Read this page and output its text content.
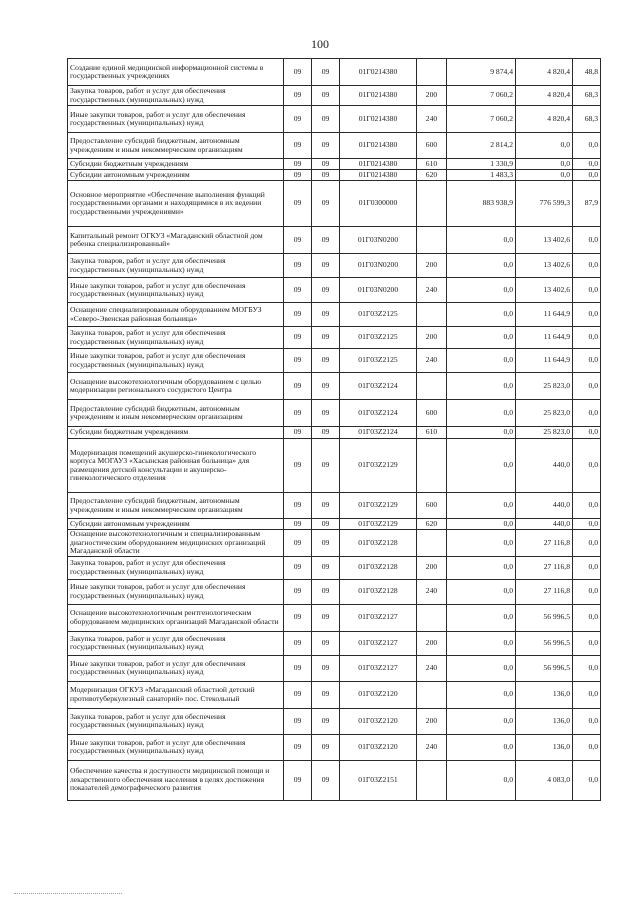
100
Создание единой медицинской информационной системы в государственных учреждениях	09	09	01Г0214380		9 874,4	4 820,4	48,8
Закупка товаров, работ и услуг для обеспечения государственных (муниципальных) нужд	09	09	01Г0214380	200	7 060,2	4 820,4	68,3
Иные закупки товаров, работ и услуг для обеспечения государственных (муниципальных) нужд	09	09	01Г0214380	240	7 060,2	4 820,4	68,3
Предоставление субсидий бюджетным, автономным учреждениям и иным некоммерческим организациям	09	09	01Г0214380	600	2 814,2	0,0	0,0
Субсидии бюджетным учреждениям	09	09	01Г0214380	610	1 330,9	0,0	0,0
Субсидии автономным учреждениям	09	09	01Г0214380	620	1 483,3	0,0	0,0
Основное мероприятие «Обеспечение выполнения функций государственными органами и находящимися в их ведении государственными учреждениями»	09	09	01Г0300000		883 938,9	776 599,3	87,9
Капитальный ремонт ОГКУЗ «Магаданский областной дом ребенка специализированный»	09	09	01Г03N0200		0,0	13 402,6	0,0
Закупка товаров, работ и услуг для обеспечения государственных (муниципальных) нужд	09	09	01Г03N0200	200	0,0	13 402,6	0,0
Иные закупки товаров, работ и услуг для обеспечения государственных (муниципальных) нужд	09	09	01Г03N0200	240	0,0	13 402,6	0,0
Оснащение специализированным оборудованием МОГБУЗ «Северо-Эвенская районная больница»	09	09	01Г03Z2125		0,0	11 644,9	0,0
Закупка товаров, работ и услуг для обеспечения государственных (муниципальных) нужд	09	09	01Г03Z2125	200	0,0	11 644,9	0,0
Иные закупки товаров, работ и услуг для обеспечения государственных (муниципальных) нужд	09	09	01Г03Z2125	240	0,0	11 644,9	0,0
Оснащение высокотехнологичным оборудованием с целью модернизации регионального сосудистого Центра	09	09	01Г03Z2124		0,0	25 823,0	0,0
Предоставление субсидий бюджетным, автономным учреждениям и иным некоммерческим организациям	09	09	01Г03Z2124	600	0,0	25 823,0	0,0
Субсидии бюджетным учреждениям	09	09	01Г03Z2124	610	0,0	25 823,0	0,0
Модернизация помещений акушерско-гинекологического корпуса МОГАУЗ «Хасынская районная больница» для размещения детской консультации и акушерско-гинекологического отделения	09	09	01Г03Z2129		0,0	440,0	0,0
Предоставление субсидий бюджетным, автономным учреждениям и иным некоммерческим организациям	09	09	01Г03Z2129	600	0,0	440,0	0,0
Субсидии автономным учреждениям	09	09	01Г03Z2129	620	0,0	440,0	0,0
Оснащение высокотехнологичным и специализированным диагностическим оборудованием медицинских организаций Магаданской области	09	09	01Г03Z2128		0,0	27 116,8	0,0
Закупка товаров, работ и услуг для обеспечения государственных (муниципальных) нужд	09	09	01Г03Z2128	200	0,0	27 116,8	0,0
Иные закупки товаров, работ и услуг для обеспечения государственных (муниципальных) нужд	09	09	01Г03Z2128	240	0,0	27 116,8	0,0
Оснащение высокотехнологичным рентгенологическим оборудованием медицинских организаций Магаданской области	09	09	01Г03Z2127		0,0	56 996,5	0,0
Закупка товаров, работ и услуг для обеспечения государственных (муниципальных) нужд	09	09	01Г03Z2127	200	0,0	56 996,5	0,0
Иные закупки товаров, работ и услуг для обеспечения государственных (муниципальных) нужд	09	09	01Г03Z2127	240	0,0	56 996,5	0,0
Модернизация ОГКУЗ «Магаданский областной детский противотуберкулезный санаторий» пос. Стекольный	09	09	01Г03Z2120		0,0	136,0	0,0
Закупка товаров, работ и услуг для обеспечения государственных (муниципальных) нужд	09	09	01Г03Z2120	200	0,0	136,0	0,0
Иные закупки товаров, работ и услуг для обеспечения государственных (муниципальных) нужд	09	09	01Г03Z2120	240	0,0	136,0	0,0
Обеспечение качества и доступности медицинской помощи и лекарственного обеспечения населения в целях достижения показателей демографического развития	09	09	01Г03Z2151		0,0	4 083,0	0,0
